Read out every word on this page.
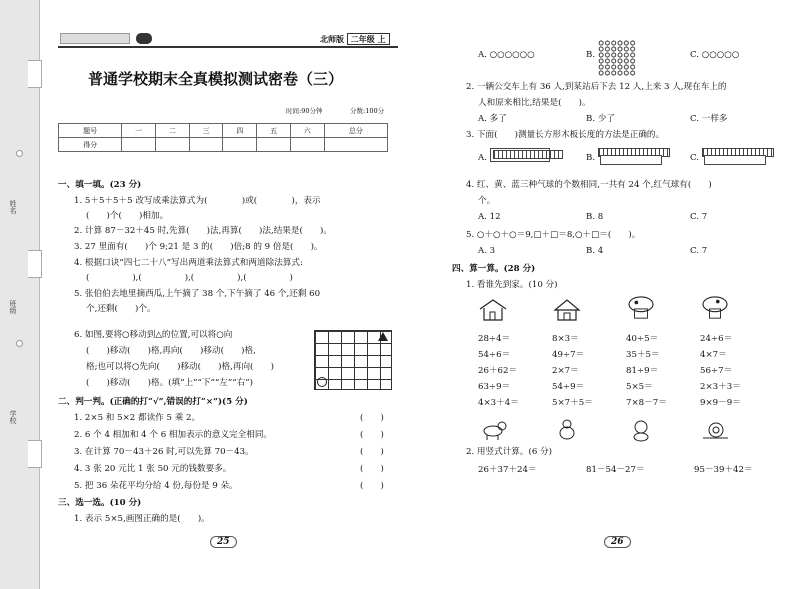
姓名
班级
学校
北师版 二年级 上
普通学校期末全真模拟测试密卷（三）
时间:90分钟	分数:100分
题号	一	二	三	四	五	六	总分
得分							
一、填一填。(23 分)
1. 5＋5＋5＋5 改写成乘法算式为(　　　　)或(　　　　)，表示
(　　)个(　　)相加。
2. 计算 87－32＋45 时,先算(　　)法,再算(　　)法,结果是(　　)。
3. 27 里面有(　　)个 9;21 是 3 的(　　)倍;8 的 9 倍是(　　)。
4. 根据口诀“四七二十八”写出两道乘法算式和两道除法算式:
(　　　　　),(　　　　　),(　　　　　),(　　　　　)
5. 张伯伯去地里摘西瓜,上午摘了 38 个,下午摘了 46 个,还剩 60
个,还剩(　　)个。
6. 如图,要将○移动到△的位置,可以将○向
(　　)移动(　　)格,再向(　　)移动(　　)格,
格;也可以将○先向(　　)移动(　　)格,再向(　　)
(　　)移动(　　)格。(填“上”“下”“左”“右”)
二、判一判。(正确的打“√”,错误的打“×”)(5 分)
1. 2×5 和 5×2 都读作 5 乘 2。
2. 6 个 4 相加和 4 个 6 相加表示的意义完全相同。
3. 在计算 70－43＋26 时,可以先算 70－43。
4. 3 张 20 元比 1 张 50 元的钱数要多。
5. 把 36 朵花平均分给 4 份,每份是 9 朵。
(　　)
(　　)
(　　)
(　　)
(　　)
三、选一选。(10 分)
1. 表示 5×5,画图正确的是(　　)。
25
A. ○○○○○○	B.	C. ○○○○○
2. 一辆公交车上有 36 人,到某站后下去 12 人,上来 3 人,现在车上的
人和原来相比,结果是(　　)。
A. 多了	B. 少了	C. 一样多
3. 下面(　　)测量长方形木板长度的方法是正确的。
A.	B.	C.
4. 红、黄、蓝三种气球的个数相同,一共有 24 个,红气球有(　　)
个。
A. 12	B. 8	C. 7
5. ○＋○＋○＝9,□＋□＝8,○＋□＝(　　)。
A. 3	B. 4	C. 7
四、算一算。(28 分)
1. 看谁先到家。(10 分)
28÷4＝	8×3＝	40÷5＝	24÷6＝
54÷6＝	49÷7＝	35＋5＝	4×7＝
26＋62＝	2×7＝	81÷9＝	56÷7＝
63÷9＝	54÷9＝	5×5＝	2×3＋3＝
4×3＋4＝	5×7＋5＝	7×8－7＝	9×9－9＝
2. 用竖式计算。(6 分)
26＋37＋24＝	81－54－27＝	95－39＋42＝
26
